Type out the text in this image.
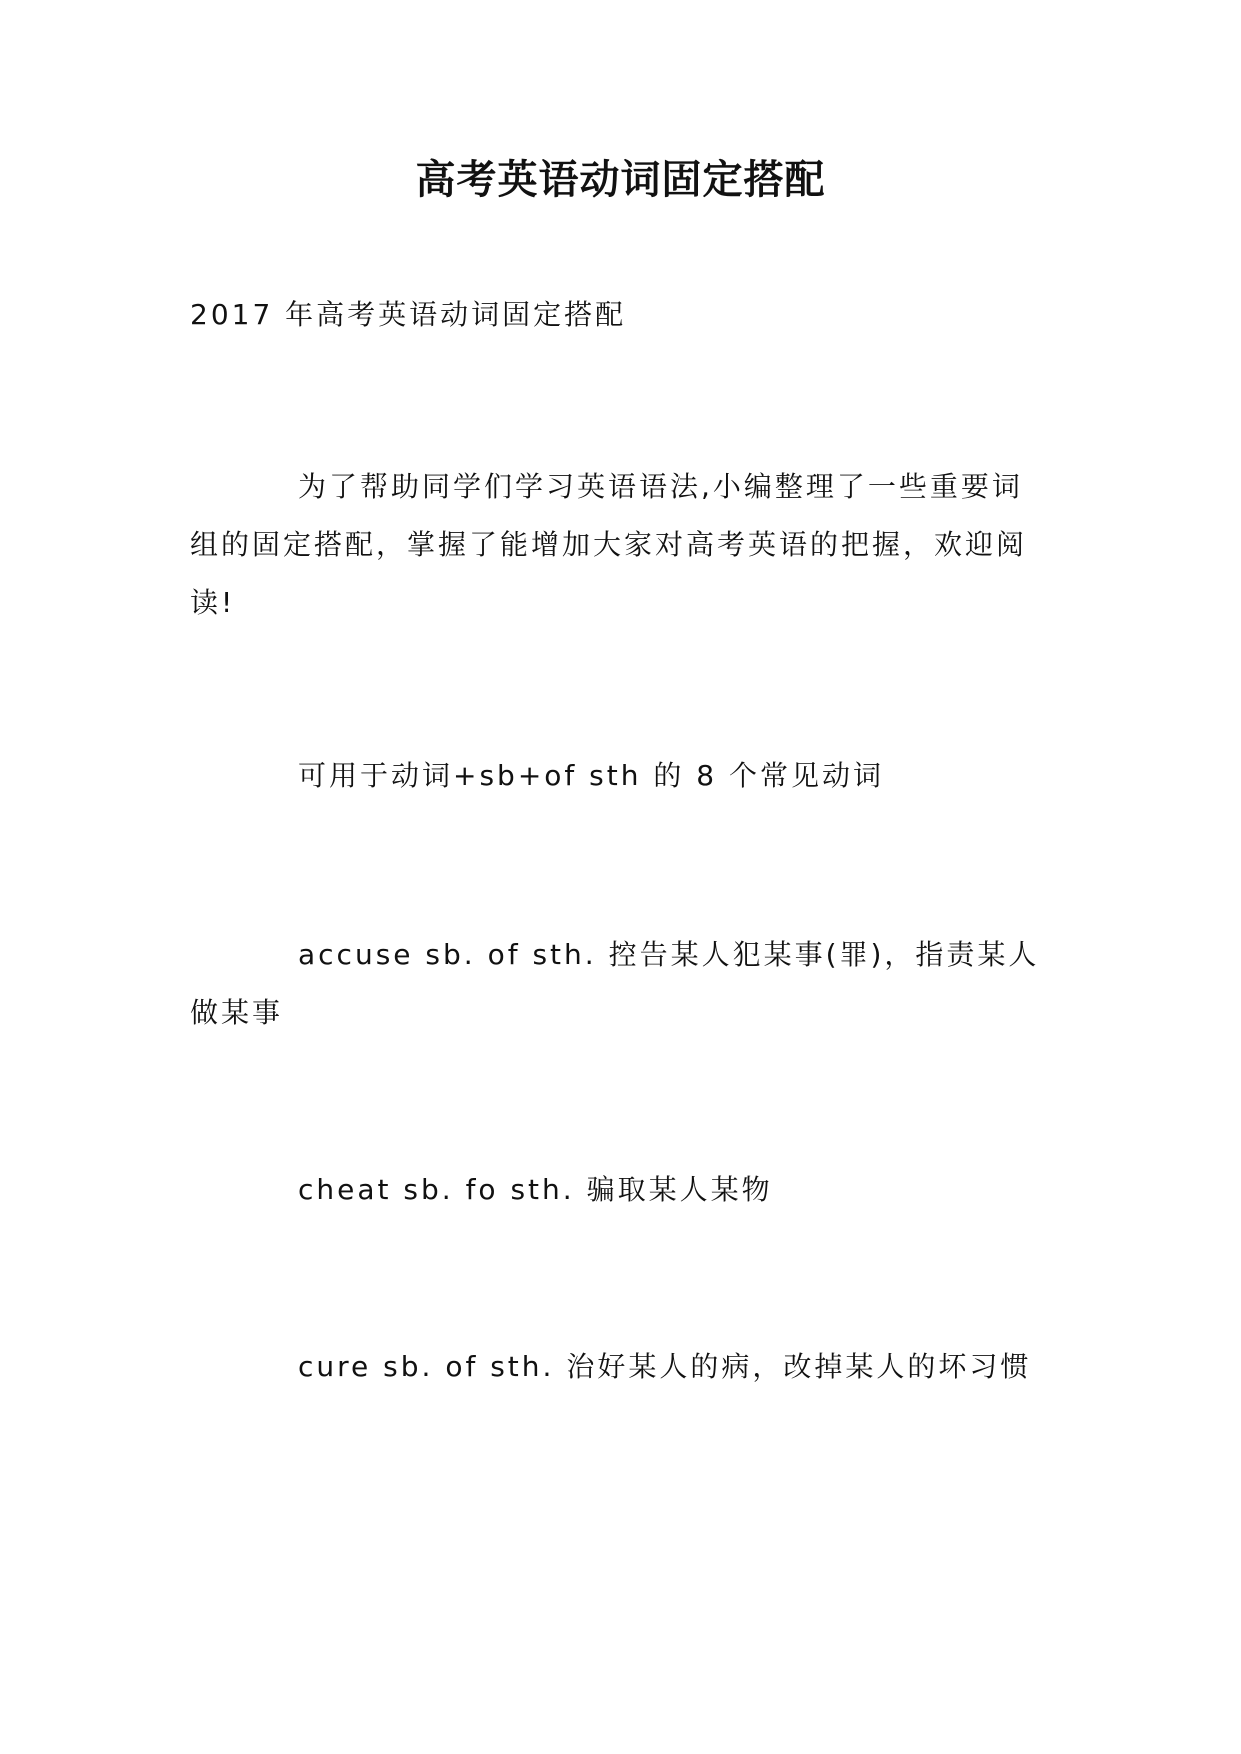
高考英语动词固定搭配
2017 年高考英语动词固定搭配
为了帮助同学们学习英语语法,小编整理了一些重要词组的固定搭配，掌握了能增加大家对高考英语的把握，欢迎阅读!
可用于动词+sb+of sth 的 8 个常见动词
accuse sb. of sth. 控告某人犯某事(罪)，指责某人做某事
cheat sb. fo sth. 骗取某人某物
cure sb. of sth. 治好某人的病，改掉某人的坏习惯
